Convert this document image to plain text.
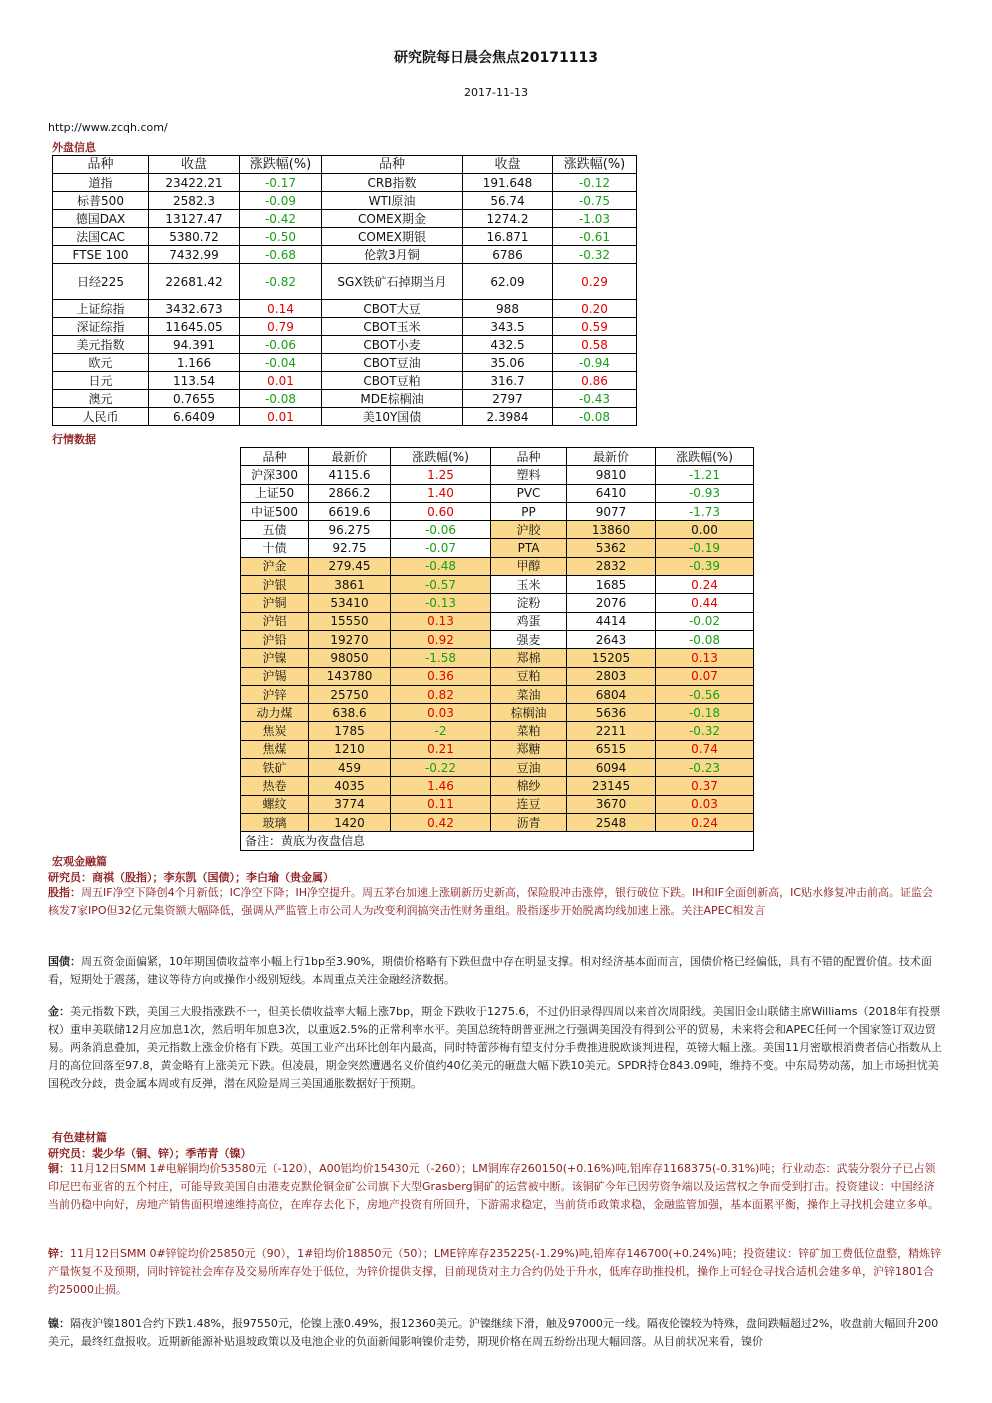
研究院每日晨会焦点20171113
2017-11-13
http://www.zcqh.com/
外盘信息
品种	收盘	涨跌幅(%)	品种	收盘	涨跌幅(%)
道指	23422.21	-0.17	CRB指数	191.648	-0.12
标普500	2582.3	-0.09	WTI原油	56.74	-0.75
德国DAX	13127.47	-0.42	COMEX期金	1274.2	-1.03
法国CAC	5380.72	-0.50	COMEX期银	16.871	-0.61
FTSE 100	7432.99	-0.68	伦敦3月铜	6786	-0.32
日经225	22681.42	-0.82	SGX铁矿石掉期当月	62.09	0.29
上证综指	3432.673	0.14	CBOT大豆	988	0.20
深证综指	11645.05	0.79	CBOT玉米	343.5	0.59
美元指数	94.391	-0.06	CBOT小麦	432.5	0.58
欧元	1.166	-0.04	CBOT豆油	35.06	-0.94
日元	113.54	0.01	CBOT豆粕	316.7	0.86
澳元	0.7655	-0.08	MDE棕榈油	2797	-0.43
人民币	6.6409	0.01	美10Y国债	2.3984	-0.08
行情数据
品种	最新价	涨跌幅(%)	品种	最新价	涨跌幅(%)
沪深300	4115.6	1.25	塑料	9810	-1.21
上证50	2866.2	1.40	PVC	6410	-0.93
中证500	6619.6	0.60	PP	9077	-1.73
五债	96.275	-0.06	沪胶	13860	0.00
十债	92.75	-0.07	PTA	5362	-0.19
沪金	279.45	-0.48	甲醇	2832	-0.39
沪银	3861	-0.57	玉米	1685	0.24
沪铜	53410	-0.13	淀粉	2076	0.44
沪铝	15550	0.13	鸡蛋	4414	-0.02
沪铅	19270	0.92	强麦	2643	-0.08
沪镍	98050	-1.58	郑棉	15205	0.13
沪锡	143780	0.36	豆粕	2803	0.07
沪锌	25750	0.82	菜油	6804	-0.56
动力煤	638.6	0.03	棕榈油	5636	-0.18
焦炭	1785	-2	菜粕	2211	-0.32
焦煤	1210	0.21	郑糖	6515	0.74
铁矿	459	-0.22	豆油	6094	-0.23
热卷	4035	1.46	棉纱	23145	0.37
螺纹	3774	0.11	连豆	3670	0.03
玻璃	1420	0.42	沥青	2548	0.24
备注：黄底为夜盘信息					
宏观金融篇
研究员：商祺（股指）；李东凯（国债）；李白瑜（贵金属）
股指：周五IF净空下降创4个月新低；IC净空下降；IH净空提升。周五茅台加速上涨刷新历史新高，保险股冲击涨停，银行破位下跌。IH和IF全面创新高，IC贴水修复冲击前高。证监会核发7家IPO但32亿元集资额大幅降低，强调从严监管上市公司人为改变利润搞突击性财务重组。股指逐步开始脱离均线加速上涨。关注APEC相发言
国债：周五资金面偏紧，10年期国债收益率小幅上行1bp至3.90%，期债价格略有下跌但盘中存在明显支撑。相对经济基本面而言，国债价格已经偏低，具有不错的配置价值。技术面看，短期处于震荡，建议等待方向或操作小级别短线。本周重点关注金融经济数据。
金：美元指数下跌，美国三大股指涨跌不一，但美长债收益率大幅上涨7bp，期金下跌收于1275.6，不过仍旧录得四周以来首次周阳线。美国旧金山联储主席Williams（2018年有投票权）重申美联储12月应加息1次，然后明年加息3次，以重返2.5%的正常利率水平。美国总统特朗普亚洲之行强调美国没有得到公平的贸易，未来将会和APEC任何一个国家签订双边贸易。两条消息叠加，美元指数上涨金价格有下跌。英国工业产出环比创年内最高，同时特蕾莎梅有望支付分手费推进脱欧谈判进程，英镑大幅上涨。美国11月密歇根消费者信心指数从上月的高位回落至97.8，黄金略有上涨美元下跌。但凌晨，期金突然遭遇名义价值约40亿美元的砸盘大幅下跌10美元。SPDR持仓843.09吨，维持不变。中东局势动荡，加上市场担忧美国税改分歧，贵金属本周或有反弹，潜在风险是周三美国通胀数据好于预期。
有色建材篇
研究员：裴少华（铜、锌）；季芾青（镍）
铜：11月12日SMM 1#电解铜均价53580元（-120），A00铝均价15430元（-260）；LM铜库存260150(+0.16%)吨,铝库存1168375(-0.31%)吨；行业动态：武装分裂分子已占领印尼巴布亚省的五个村庄，可能导致美国自由港麦克默伦铜金矿公司旗下大型Grasberg铜矿的运营被中断。该铜矿今年已因劳资争端以及运营权之争而受到打击。投资建议：中国经济当前仍稳中向好，房地产销售面积增速维持高位，在库存去化下，房地产投资有所回升，下游需求稳定，当前货币政策求稳，金融监管加强，基本面累平衡，操作上寻找机会建立多单。
锌：11月12日SMM 0#锌锭均价25850元（90），1#铅均价18850元（50）；LME锌库存235225(-1.29%)吨,铅库存146700(+0.24%)吨；投资建议：锌矿加工费低位盘整，精炼锌产量恢复不及预期，同时锌锭社会库存及交易所库存处于低位，为锌价提供支撑，目前现货对主力合约仍处于升水，低库存助推投机，操作上可轻仓寻找合适机会建多单，沪锌1801合约25000止损。
镍：隔夜沪镍1801合约下跌1.48%，报97550元，伦镍上涨0.49%，报12360美元。沪镍继续下滑，触及97000元一线。隔夜伦镍较为特殊，盘间跌幅超过2%，收盘前大幅回升200美元，最终红盘报收。近期新能源补贴退坡政策以及电池企业的负面新闻影响镍价走势，期现价格在周五纷纷出现大幅回落。从目前状况来看，镍价
